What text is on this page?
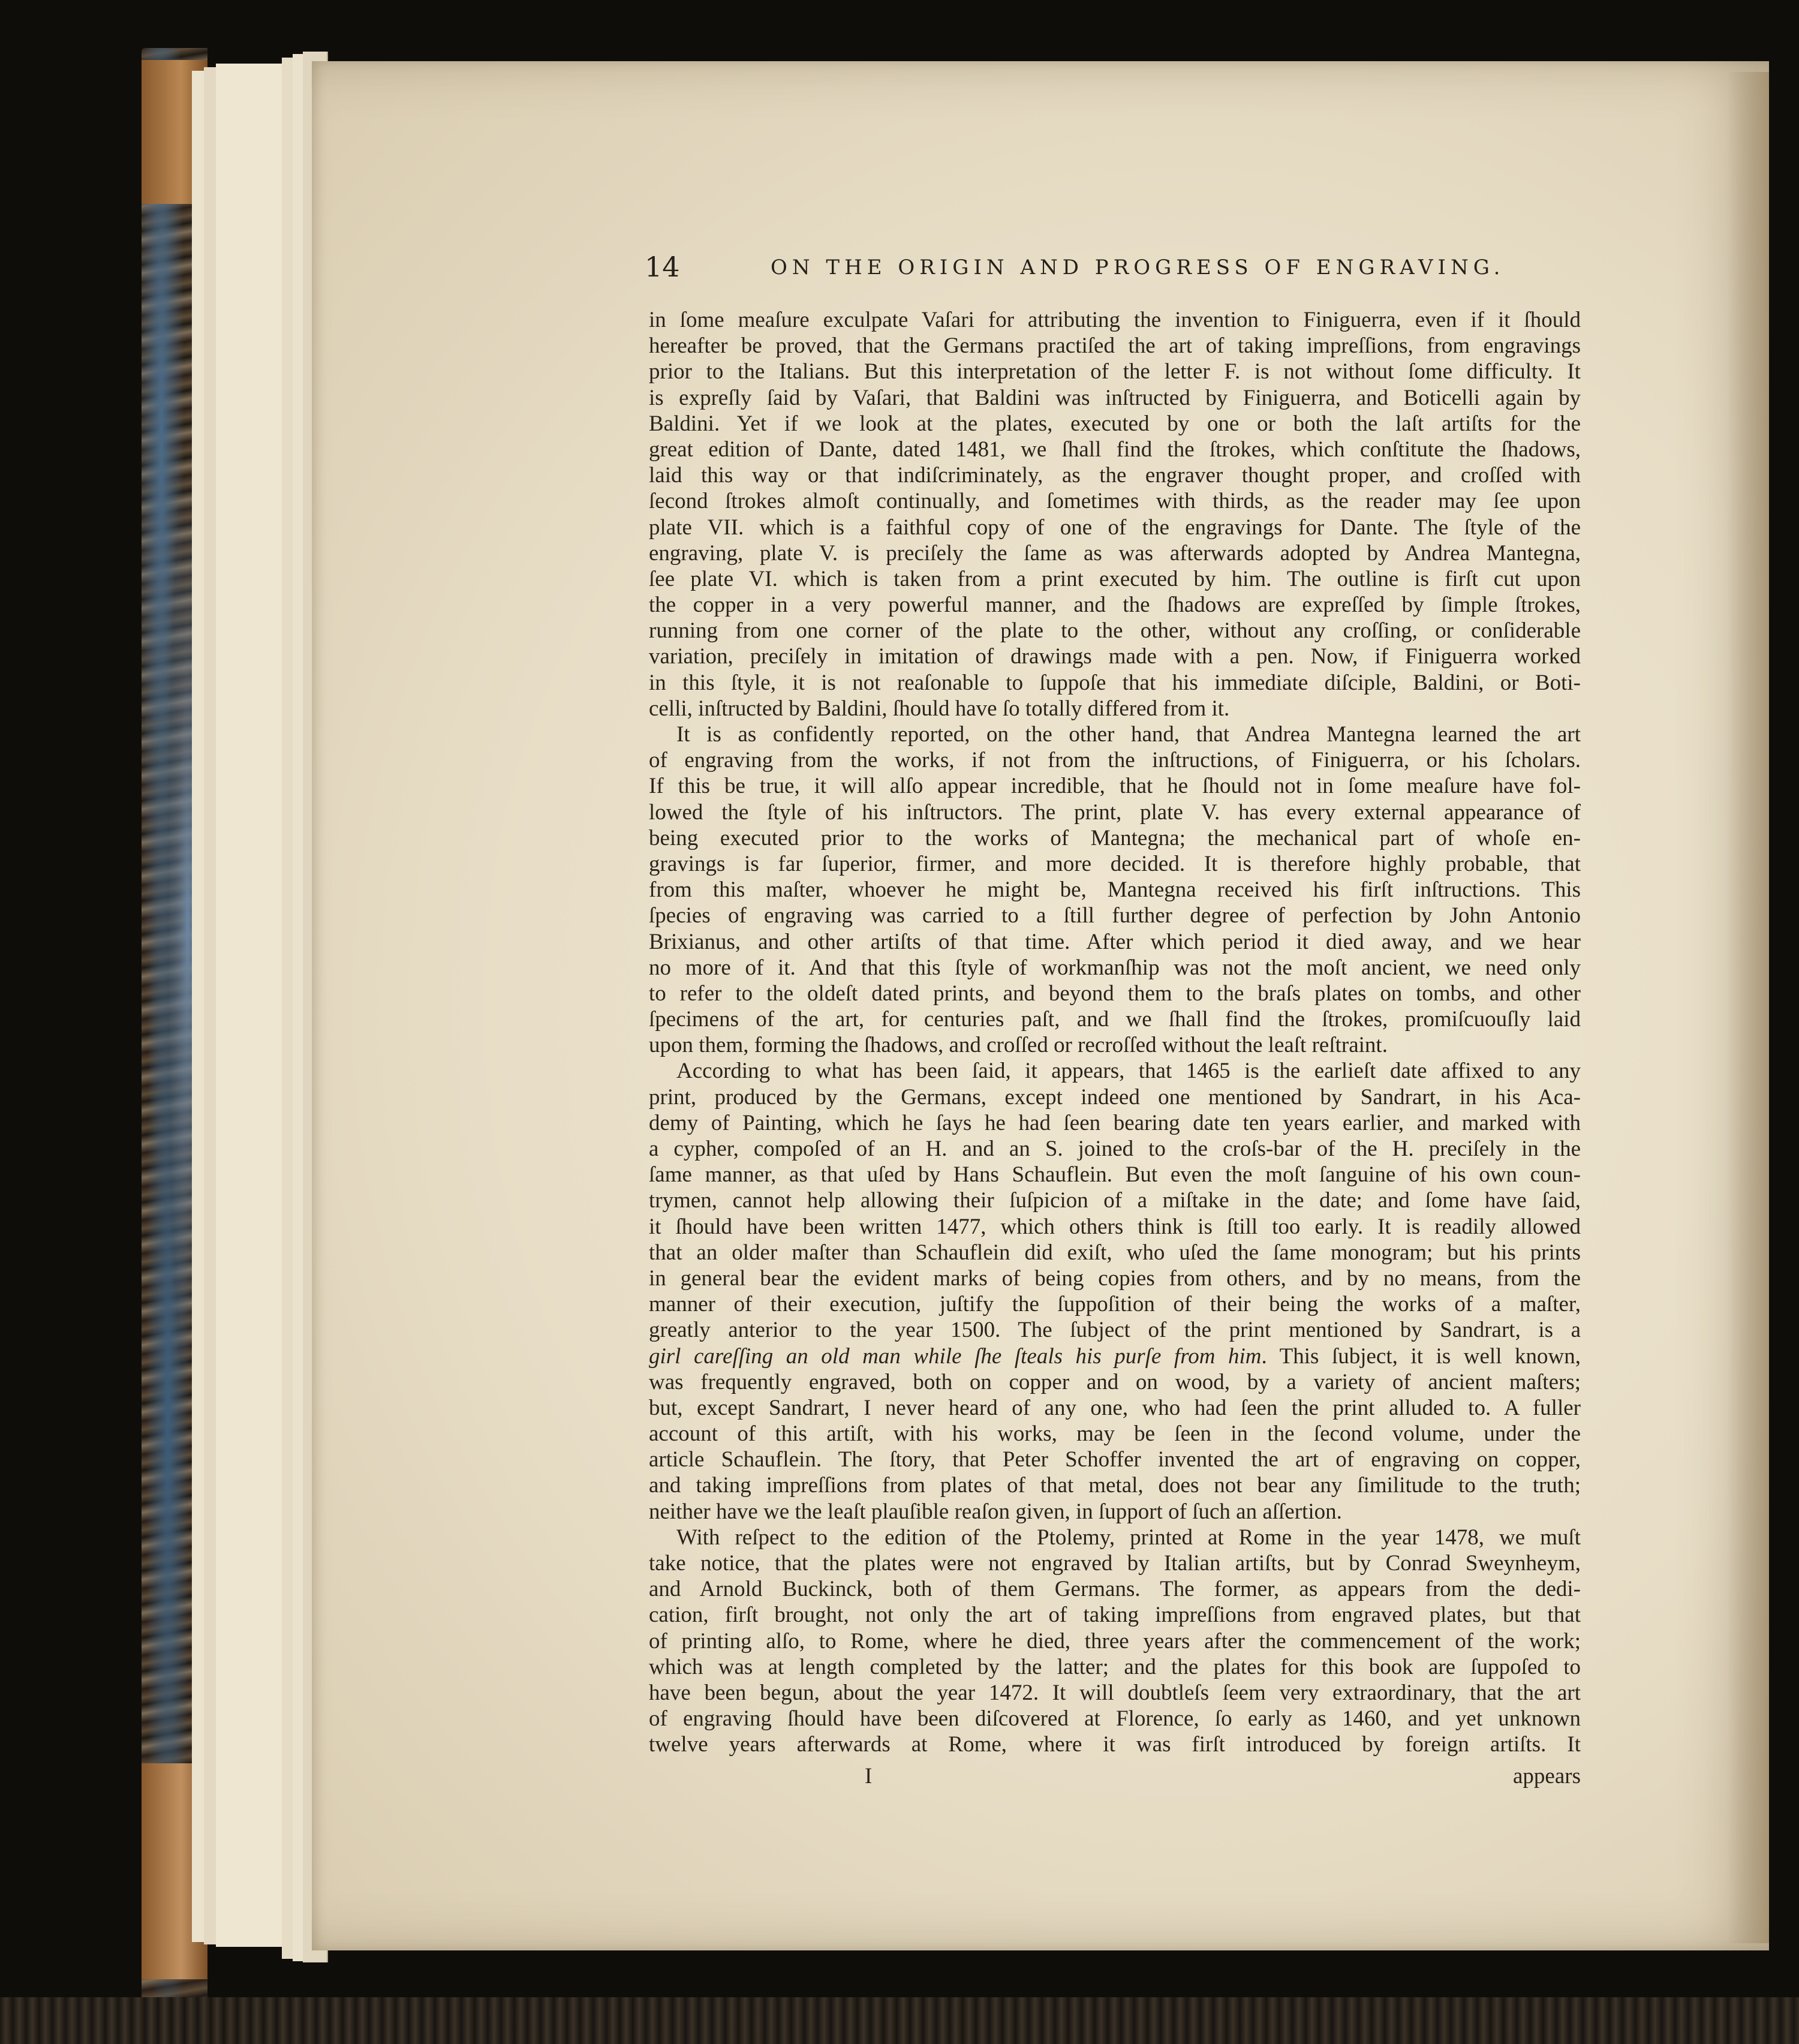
14	ON THE ORIGIN AND PROGRESS OF ENGRAVING.
in ſome meaſure exculpate Vaſari for attributing the invention to Finiguerra, even if it ſhould
hereafter be proved, that the Germans practiſed the art of taking impreſſions, from engravings
prior to the Italians. But this interpretation of the letter F. is not without ſome difficulty. It
is expreſly ſaid by Vaſari, that Baldini was inſtructed by Finiguerra, and Boticelli again by
Baldini. Yet if we look at the plates, executed by one or both the laſt artiſts for the
great edition of Dante, dated 1481, we ſhall find the ſtrokes, which conſtitute the ſhadows,
laid this way or that indiſcriminately, as the engraver thought proper, and croſſed with
ſecond ſtrokes almoſt continually, and ſometimes with thirds, as the reader may ſee upon
plate VII. which is a faithful copy of one of the engravings for Dante. The ſtyle of the
engraving, plate V. is preciſely the ſame as was afterwards adopted by Andrea Mantegna,
ſee plate VI. which is taken from a print executed by him. The outline is firſt cut upon
the copper in a very powerful manner, and the ſhadows are expreſſed by ſimple ſtrokes,
running from one corner of the plate to the other, without any croſſing, or conſiderable
variation, preciſely in imitation of drawings made with a pen. Now, if Finiguerra worked
in this ſtyle, it is not reaſonable to ſuppoſe that his immediate diſciple, Baldini, or Boti-
celli, inſtructed by Baldini, ſhould have ſo totally differed from it.
It is as confidently reported, on the other hand, that Andrea Mantegna learned the art
of engraving from the works, if not from the inſtructions, of Finiguerra, or his ſcholars.
If this be true, it will alſo appear incredible, that he ſhould not in ſome meaſure have fol-
lowed the ſtyle of his inſtructors. The print, plate V. has every external appearance of
being executed prior to the works of Mantegna; the mechanical part of whoſe en-
gravings is far ſuperior, firmer, and more decided. It is therefore highly probable, that
from this maſter, whoever he might be, Mantegna received his firſt inſtructions. This
ſpecies of engraving was carried to a ſtill further degree of perfection by John Antonio
Brixianus, and other artiſts of that time. After which period it died away, and we hear
no more of it. And that this ſtyle of workmanſhip was not the moſt ancient, we need only
to refer to the oldeſt dated prints, and beyond them to the braſs plates on tombs, and other
ſpecimens of the art, for centuries paſt, and we ſhall find the ſtrokes, promiſcuouſly laid
upon them, forming the ſhadows, and croſſed or recroſſed without the leaſt reſtraint.
According to what has been ſaid, it appears, that 1465 is the earlieſt date affixed to any
print, produced by the Germans, except indeed one mentioned by Sandrart, in his Aca-
demy of Painting, which he ſays he had ſeen bearing date ten years earlier, and marked with
a cypher, compoſed of an H. and an S. joined to the croſs-bar of the H. preciſely in the
ſame manner, as that uſed by Hans Schauflein. But even the moſt ſanguine of his own coun-
trymen, cannot help allowing their ſuſpicion of a miſtake in the date; and ſome have ſaid,
it ſhould have been written 1477, which others think is ſtill too early. It is readily allowed
that an older maſter than Schauflein did exiſt, who uſed the ſame monogram; but his prints
in general bear the evident marks of being copies from others, and by no means, from the
manner of their execution, juſtify the ſuppoſition of their being the works of a maſter,
greatly anterior to the year 1500. The ſubject of the print mentioned by Sandrart, is a
girl careſſing an old man while ſhe ſteals his purſe from him. This ſubject, it is well known,
was frequently engraved, both on copper and on wood, by a variety of ancient maſters;
but, except Sandrart, I never heard of any one, who had ſeen the print alluded to. A fuller
account of this artiſt, with his works, may be ſeen in the ſecond volume, under the
article Schauflein. The ſtory, that Peter Schoffer invented the art of engraving on copper,
and taking impreſſions from plates of that metal, does not bear any ſimilitude to the truth;
neither have we the leaſt plauſible reaſon given, in ſupport of ſuch an aſſertion.
With reſpect to the edition of the Ptolemy, printed at Rome in the year 1478, we muſt
take notice, that the plates were not engraved by Italian artiſts, but by Conrad Sweynheym,
and Arnold Buckinck, both of them Germans. The former, as appears from the dedi-
cation, firſt brought, not only the art of taking impreſſions from engraved plates, but that
of printing alſo, to Rome, where he died, three years after the commencement of the work;
which was at length completed by the latter; and the plates for this book are ſuppoſed to
have been begun, about the year 1472. It will doubtleſs ſeem very extraordinary, that the art
of engraving ſhould have been diſcovered at Florence, ſo early as 1460, and yet unknown
twelve years afterwards at Rome, where it was firſt introduced by foreign artiſts. It
I	appears
